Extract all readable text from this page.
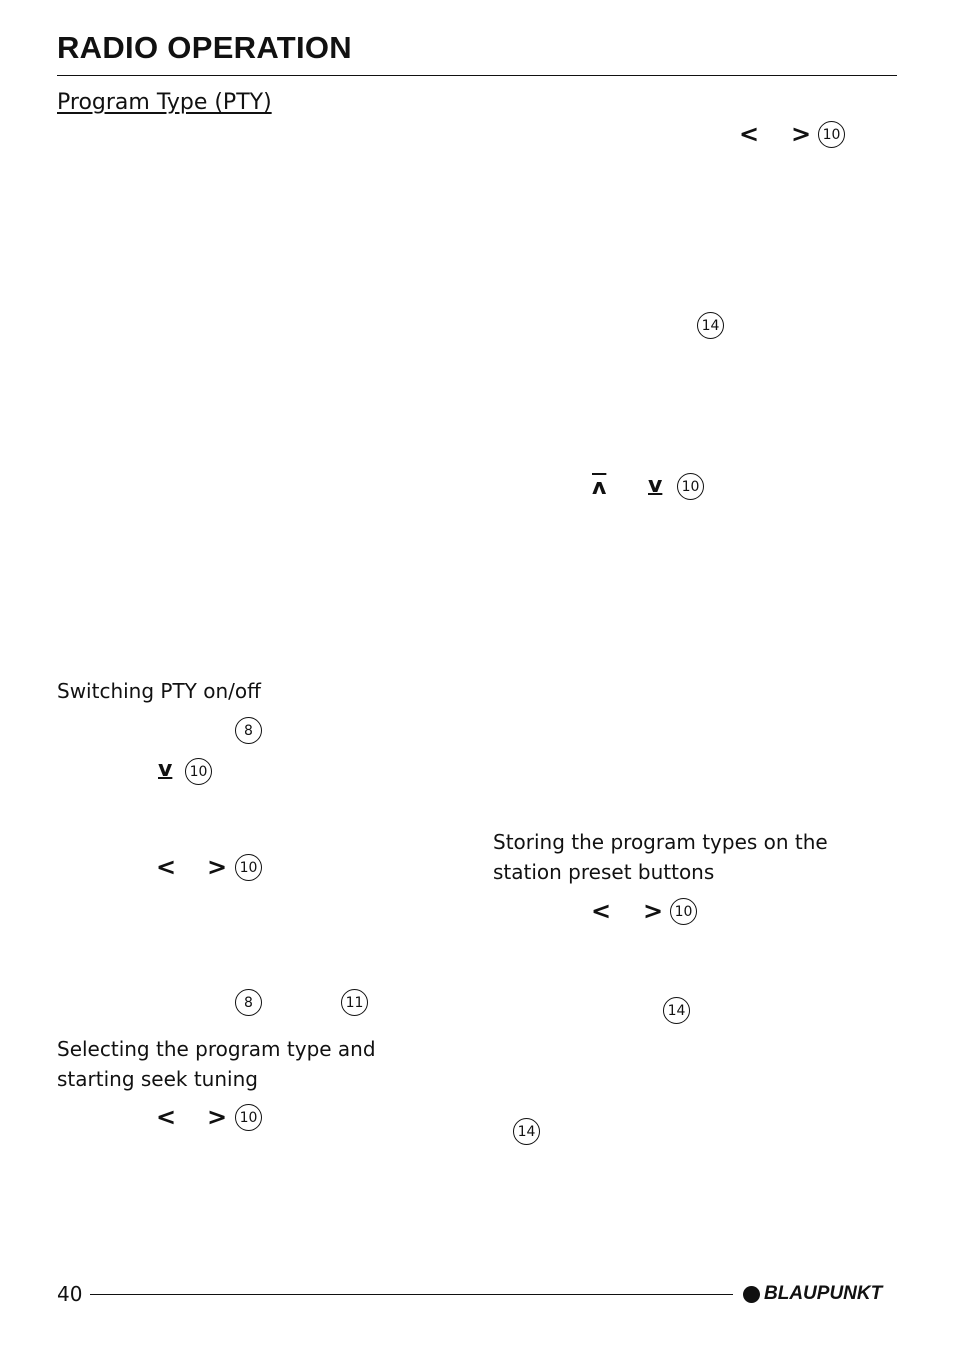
RADIO OPERATION
Program Type (PTY)
< > 10
14
$\overline{ʌ}$ v	10
Switching PTY on/off
8
v	10
< > 10
8	11
Selecting the program type and
starting seek tuning
< > 10
Storing the program types on the
station preset buttons
< > 10
14
14
40	BLAUPUNKT
